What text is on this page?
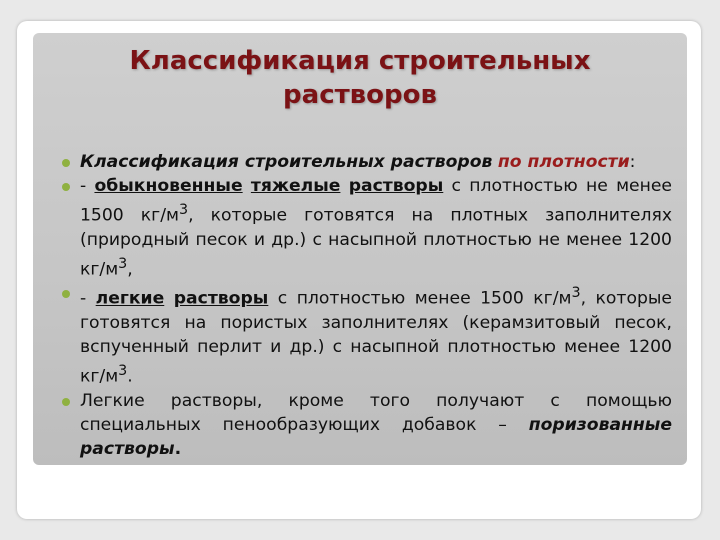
Классификация строительных
растворов
Классификация строительных растворов по плотности:
- обыкновенные тяжелые растворы с плотностью не менее 1500 $кг/м^3$, которые готовятся на плотных заполнителях (природный песок и др.) с насыпной плотностью не менее 1200 $кг/м^3$,
- легкие растворы с плотностью менее 1500 $кг/м^3$, которые готовятся на пористых заполнителях (керамзитовый песок, вспученный перлит и др.) с насыпной плотностью менее 1200 $кг/м^3$.
Легкие растворы, кроме того получают с помощью специальных пенообразующих добавок – поризованные растворы.
